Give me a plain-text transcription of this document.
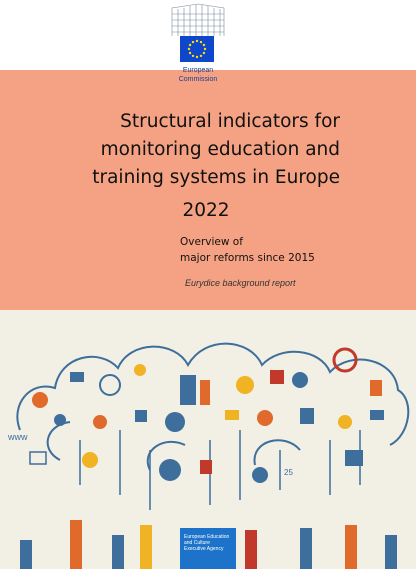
European
Commission
Structural indicators for
monitoring education and
training systems in Europe
2022
Overview of
major reforms since 2015
Eurydice background report
www
25
European Education
and Culture
Executive Agency
